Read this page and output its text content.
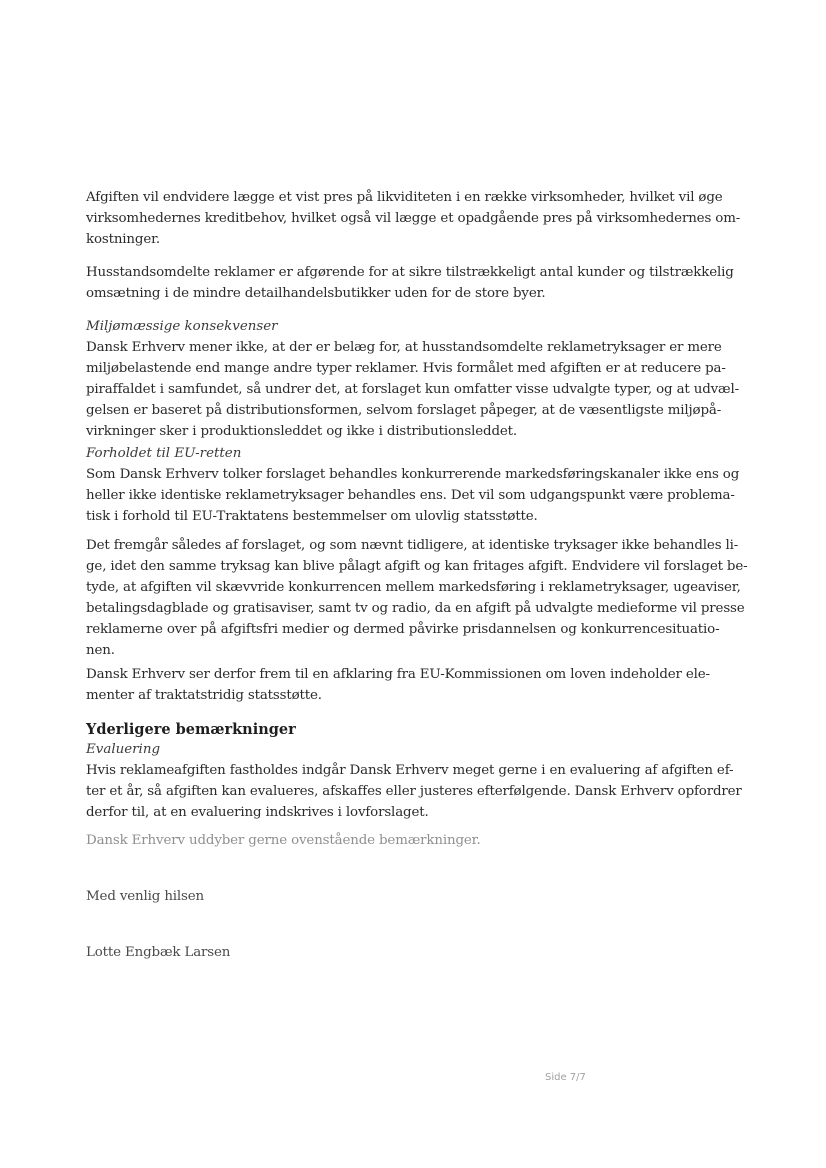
Afgiften vil endvidere lægge et vist pres på likviditeten i en række virksomheder, hvilket vil øge
virksomhedernes kreditbehov, hvilket også vil lægge et opadgående pres på virksomhedernes om-
kostninger.
Husstandsomdelte reklamer er afgørende for at sikre tilstrækkeligt antal kunder og tilstrækkelig
omsætning i de mindre detailhandelsbutikker uden for de store byer.
Miljømæssige konsekvenser
Dansk Erhverv mener ikke, at der er belæg for, at husstandsomdelte reklametryksager er mere
miljøbelastende end mange andre typer reklamer. Hvis formålet med afgiften er at reducere pa-
piraffaldet i samfundet, så undrer det, at forslaget kun omfatter visse udvalgte typer, og at udvæl-
gelsen er baseret på distributionsformen, selvom forslaget påpeger, at de væsentligste miljøpå-
virkninger sker i produktionsleddet og ikke i distributionsleddet.
Forholdet til EU-retten
Som Dansk Erhverv tolker forslaget behandles konkurrerende markedsføringskanaler ikke ens og
heller ikke identiske reklametryksager behandles ens. Det vil som udgangspunkt være problema-
tisk i forhold til EU-Traktatens bestemmelser om ulovlig statsstøtte.
Det fremgår således af forslaget, og som nævnt tidligere, at identiske tryksager ikke behandles li-
ge, idet den samme tryksag kan blive pålagt afgift og kan fritages afgift. Endvidere vil forslaget be-
tyde, at afgiften vil skævvride konkurrencen mellem markedsføring i reklametryksager, ugeaviser,
betalingsdagblade og gratisaviser, samt tv og radio, da en afgift på udvalgte medieforme vil presse
reklamerne over på afgiftsfri medier og dermed påvirke prisdannelsen og konkurrencesituatio-
nen.
Dansk Erhverv ser derfor frem til en afklaring fra EU-Kommissionen om loven indeholder ele-
menter af traktatstridig statsstøtte.
Yderligere bemærkninger
Evaluering
Hvis reklameafgiften fastholdes indgår Dansk Erhverv meget gerne i en evaluering af afgiften ef-
ter et år, så afgiften kan evalueres, afskaffes eller justeres efterfølgende. Dansk Erhverv opfordrer
derfor til, at en evaluering indskrives i lovforslaget.
Dansk Erhverv uddyber gerne ovenstående bemærkninger.
Med venlig hilsen
Lotte Engbæk Larsen
Side 7/7
